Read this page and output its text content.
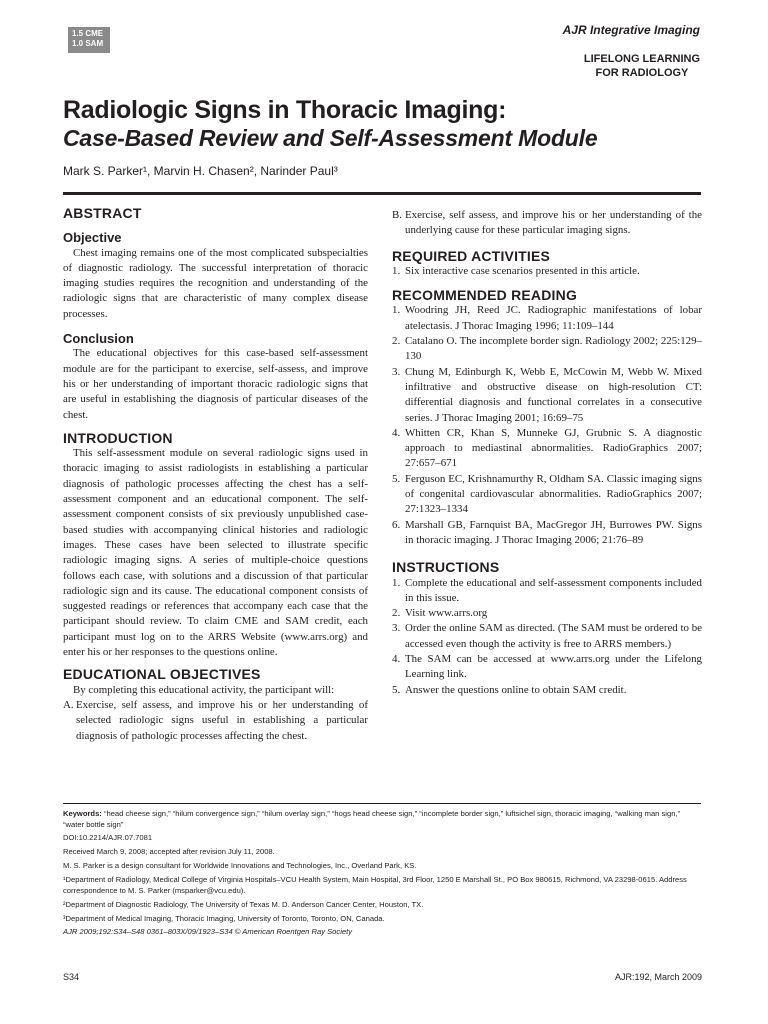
1.5 CME
1.0 SAM
AJR Integrative Imaging
LIFELONG LEARNING
FOR RADIOLOGY
Radiologic Signs in Thoracic Imaging:
Case-Based Review and Self-Assessment Module
Mark S. Parker¹, Marvin H. Chasen², Narinder Paul³
ABSTRACT
Objective

Chest imaging remains one of the most complicated subspecialties of diagnostic radiology. The successful interpretation of thoracic imaging studies requires the recognition and understanding of the radiologic signs that are characteristic of many complex disease processes.

Conclusion

The educational objectives for this case-based self-assessment module are for the participant to exercise, self-assess, and improve his or her understanding of important thoracic radiologic signs that are useful in establishing the diagnosis of particular diseases of the chest.

INTRODUCTION

This self-assessment module on several radiologic signs used in thoracic imaging to assist radiologists in establishing a particular diagnosis of pathologic processes affecting the chest has a self-assessment component and an educational component. The self-assessment component consists of six previously unpublished case-based studies with accompanying clinical histories and radiologic images. These cases have been selected to illustrate specific radiologic imaging signs. A series of multiple-choice questions follows each case, with solutions and a discussion of that particular radiologic sign and its cause. The educational component consists of suggested readings or references that accompany each case that the participant should review. To claim CME and SAM credit, each participant must log on to the ARRS Website (www.arrs.org) and enter his or her responses to the questions online.

EDUCATIONAL OBJECTIVES

By completing this educational activity, the participant will:

A. Exercise, self assess, and improve his or her understanding of selected radiologic signs useful in establishing a particular diagnosis of pathologic processes affecting the chest.
B. Exercise, self assess, and improve his or her understanding of the underlying cause for these particular imaging signs.
REQUIRED ACTIVITIES
1. Six interactive case scenarios presented in this article.
RECOMMENDED READING
1. Woodring JH, Reed JC. Radiographic manifestations of lobar atelectasis. J Thorac Imaging 1996; 11:109–144
2. Catalano O. The incomplete border sign. Radiology 2002; 225:129–130
3. Chung M, Edinburgh K, Webb E, McCowin M, Webb W. Mixed infiltrative and obstructive disease on high-resolution CT: differential diagnosis and functional correlates in a consecutive series. J Thorac Imaging 2001; 16:69–75
4. Whitten CR, Khan S, Munneke GJ, Grubnic S. A diagnostic approach to mediastinal abnormalities. RadioGraphics 2007; 27:657–671
5. Ferguson EC, Krishnamurthy R, Oldham SA. Classic imaging signs of congenital cardiovascular abnormalities. RadioGraphics 2007; 27:1323–1334
6. Marshall GB, Farnquist BA, MacGregor JH, Burrowes PW. Signs in thoracic imaging. J Thorac Imaging 2006; 21:76–89
INSTRUCTIONS
1. Complete the educational and self-assessment components included in this issue.
2. Visit www.arrs.org
3. Order the online SAM as directed. (The SAM must be ordered to be accessed even though the activity is free to ARRS members.)
4. The SAM can be accessed at www.arrs.org under the Lifelong Learning link.
5. Answer the questions online to obtain SAM credit.
Keywords: “head cheese sign,” “hilum convergence sign,” “hilum overlay sign,” “hogs head cheese sign,” “incomplete border sign,” luftsichel sign, thoracic imaging, “walking man sign,” “water bottle sign”
DOI:10.2214/AJR.07.7081
Received March 9, 2008; accepted after revision July 11, 2008.
M. S. Parker is a design consultant for Worldwide Innovations and Technologies, Inc., Overland Park, KS.
¹Department of Radiology, Medical College of Virginia Hospitals–VCU Health System, Main Hospital, 3rd Floor, 1250 E Marshall St., PO Box 980615, Richmond, VA 23298-0615. Address correspondence to M. S. Parker (msparker@vcu.edu).
²Department of Diagnostic Radiology, The University of Texas M. D. Anderson Cancer Center, Houston, TX.
³Department of Medical Imaging, Thoracic Imaging, University of Toronto, Toronto, ON, Canada.
AJR 2009;192:S34–S48 0361–803X/09/1923–S34 © American Roentgen Ray Society
S34	AJR:192, March 2009
